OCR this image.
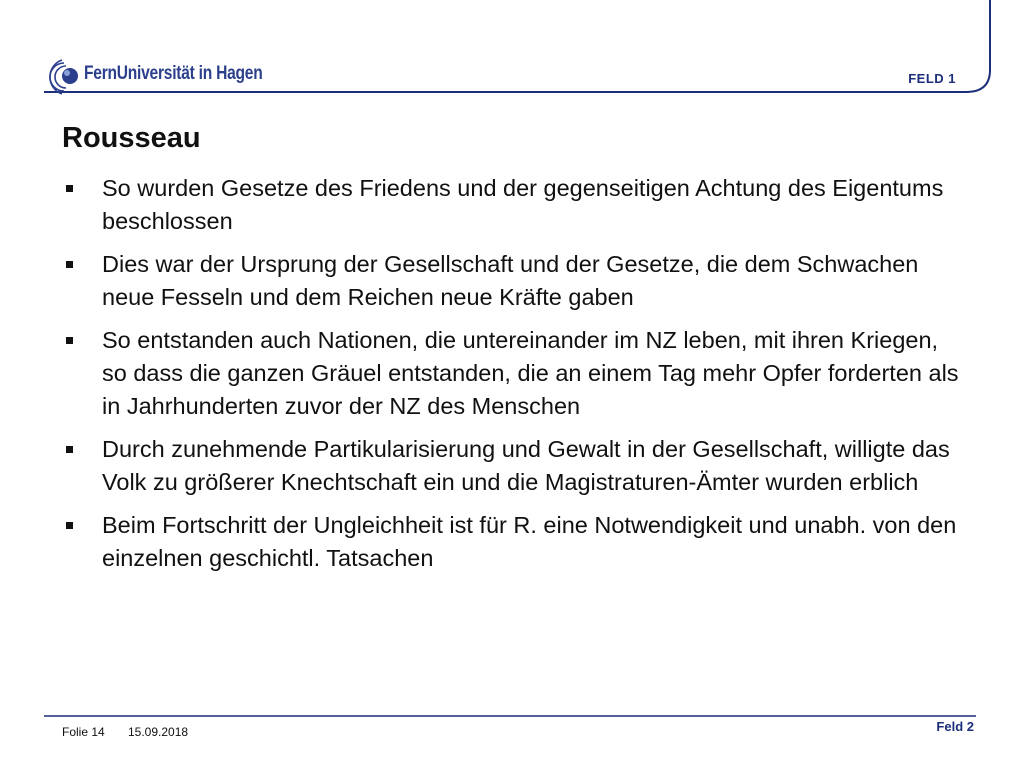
FernUniversität in Hagen	FELD 1
Rousseau
So wurden Gesetze des Friedens und der gegenseitigen Achtung des Eigentums beschlossen
Dies war der Ursprung der Gesellschaft und der Gesetze, die dem Schwachen neue Fesseln und dem Reichen neue Kräfte gaben
So entstanden auch Nationen, die untereinander im NZ leben, mit ihren Kriegen, so dass die ganzen Gräuel entstanden, die an einem Tag mehr Opfer forderten als in Jahrhunderten zuvor der NZ des Menschen
Durch zunehmende Partikularisierung und Gewalt in der Gesellschaft, willigte das Volk zu größerer Knechtschaft ein und die Magistraturen-Ämter wurden erblich
Beim Fortschritt der Ungleichheit ist für R. eine Notwendigkeit und unabh. von den einzelnen geschichtl. Tatsachen
Folie 14 15.09.2018	Feld 2
